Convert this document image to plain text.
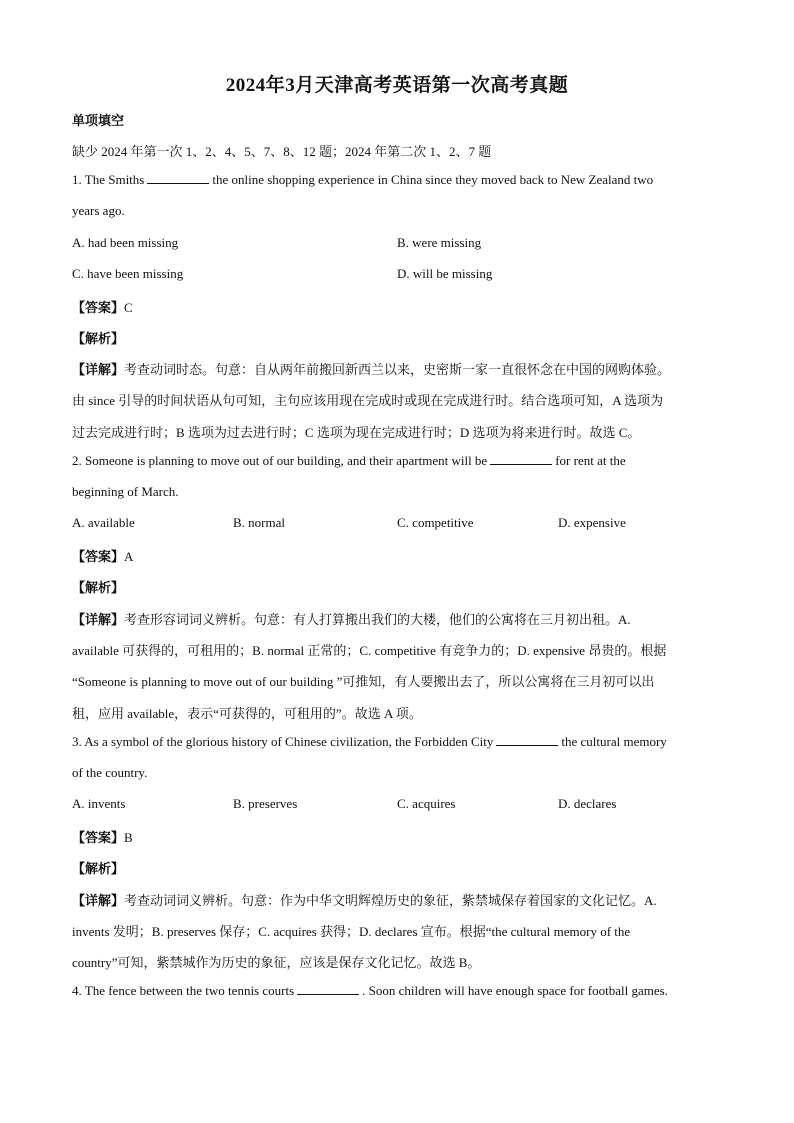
2024年3月天津高考英语第一次高考真题
单项填空
缺少 2024 年第一次 1、2、4、5、7、8、12 题；2024 年第二次 1、2、7 题
1. The Smiths	the online shopping experience in China since they moved back to New Zealand two
years ago.
A. had been missing	B. were missing
C. have been missing	D. will be missing
【答案】C
【解析】
【详解】考查动词时态。句意：自从两年前搬回新西兰以来，史密斯一家一直很怀念在中国的网购体验。
由 since 引导的时间状语从句可知，主句应该用现在完成时或现在完成进行时。结合选项可知，A 选项为
过去完成进行时；B 选项为过去进行时；C 选项为现在完成进行时；D 选项为将来进行时。故选 C。
2. Someone is planning to move out of our building, and their apartment will be	for rent at the
beginning of March.
A. available	B. normal	C. competitive	D. expensive
【答案】A
【解析】
【详解】考查形容词词义辨析。句意：有人打算搬出我们的大楼，他们的公寓将在三月初出租。A.
available 可获得的，可租用的；B. normal 正常的；C. competitive 有竞争力的；D. expensive 昂贵的。根据
“Someone is planning to move out of our building ”可推知，有人要搬出去了，所以公寓将在三月初可以出
租，应用 available，表示“可获得的，可租用的”。故选 A 项。
3. As a symbol of the glorious history of Chinese civilization, the Forbidden City	the cultural memory
of the country.
A. invents	B. preserves	C. acquires	D. declares
【答案】B
【解析】
【详解】考查动词词义辨析。句意：作为中华文明辉煌历史的象征，紫禁城保存着国家的文化记忆。A.
invents 发明；B. preserves 保存；C. acquires 获得；D. declares 宣布。根据“the cultural memory of the
country”可知，紫禁城作为历史的象征，应该是保存文化记忆。故选 B。
4. The fence between the two tennis courts	. Soon children will have enough space for football games.
